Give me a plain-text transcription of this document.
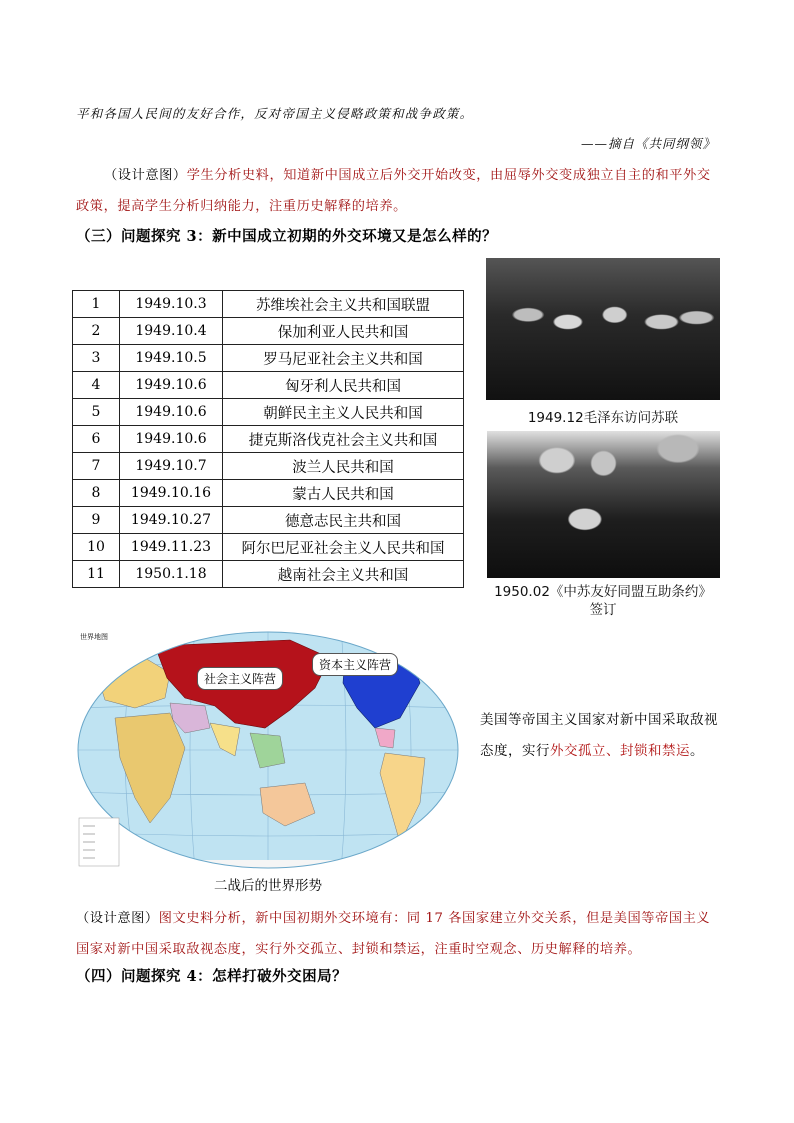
平和各国人民间的友好合作，反对帝国主义侵略政策和战争政策。
——摘自《共同纲领》
（设计意图）学生分析史料，知道新中国成立后外交开始改变，由屈辱外交变成独立自主的和平外交政策，提高学生分析归纳能力，注重历史解释的培养。
（三）问题探究 3：新中国成立初期的外交环境又是怎么样的？
1	1949.10.3	苏维埃社会主义共和国联盟
2	1949.10.4	保加利亚人民共和国
3	1949.10.5	罗马尼亚社会主义共和国
4	1949.10.6	匈牙利人民共和国
5	1949.10.6	朝鲜民主主义人民共和国
6	1949.10.6	捷克斯洛伐克社会主义共和国
7	1949.10.7	波兰人民共和国
8	1949.10.16	蒙古人民共和国
9	1949.10.27	德意志民主共和国
10	1949.11.23	阿尔巴尼亚社会主义人民共和国
11	1950.1.18	越南社会主义共和国
1949.12毛泽东访问苏联
1950.02《中苏友好同盟互助条约》
签订
世界地图
社会主义阵营
资本主义阵营
二战后的世界形势
美国等帝国主义国家对新中国采取敌视态度，实行外交孤立、封锁和禁运。
（设计意图）图文史料分析，新中国初期外交环境有：同 17 各国家建立外交关系，但是美国等帝国主义国家对新中国采取敌视态度，实行外交孤立、封锁和禁运，注重时空观念、历史解释的培养。
（四）问题探究 4：怎样打破外交困局？
